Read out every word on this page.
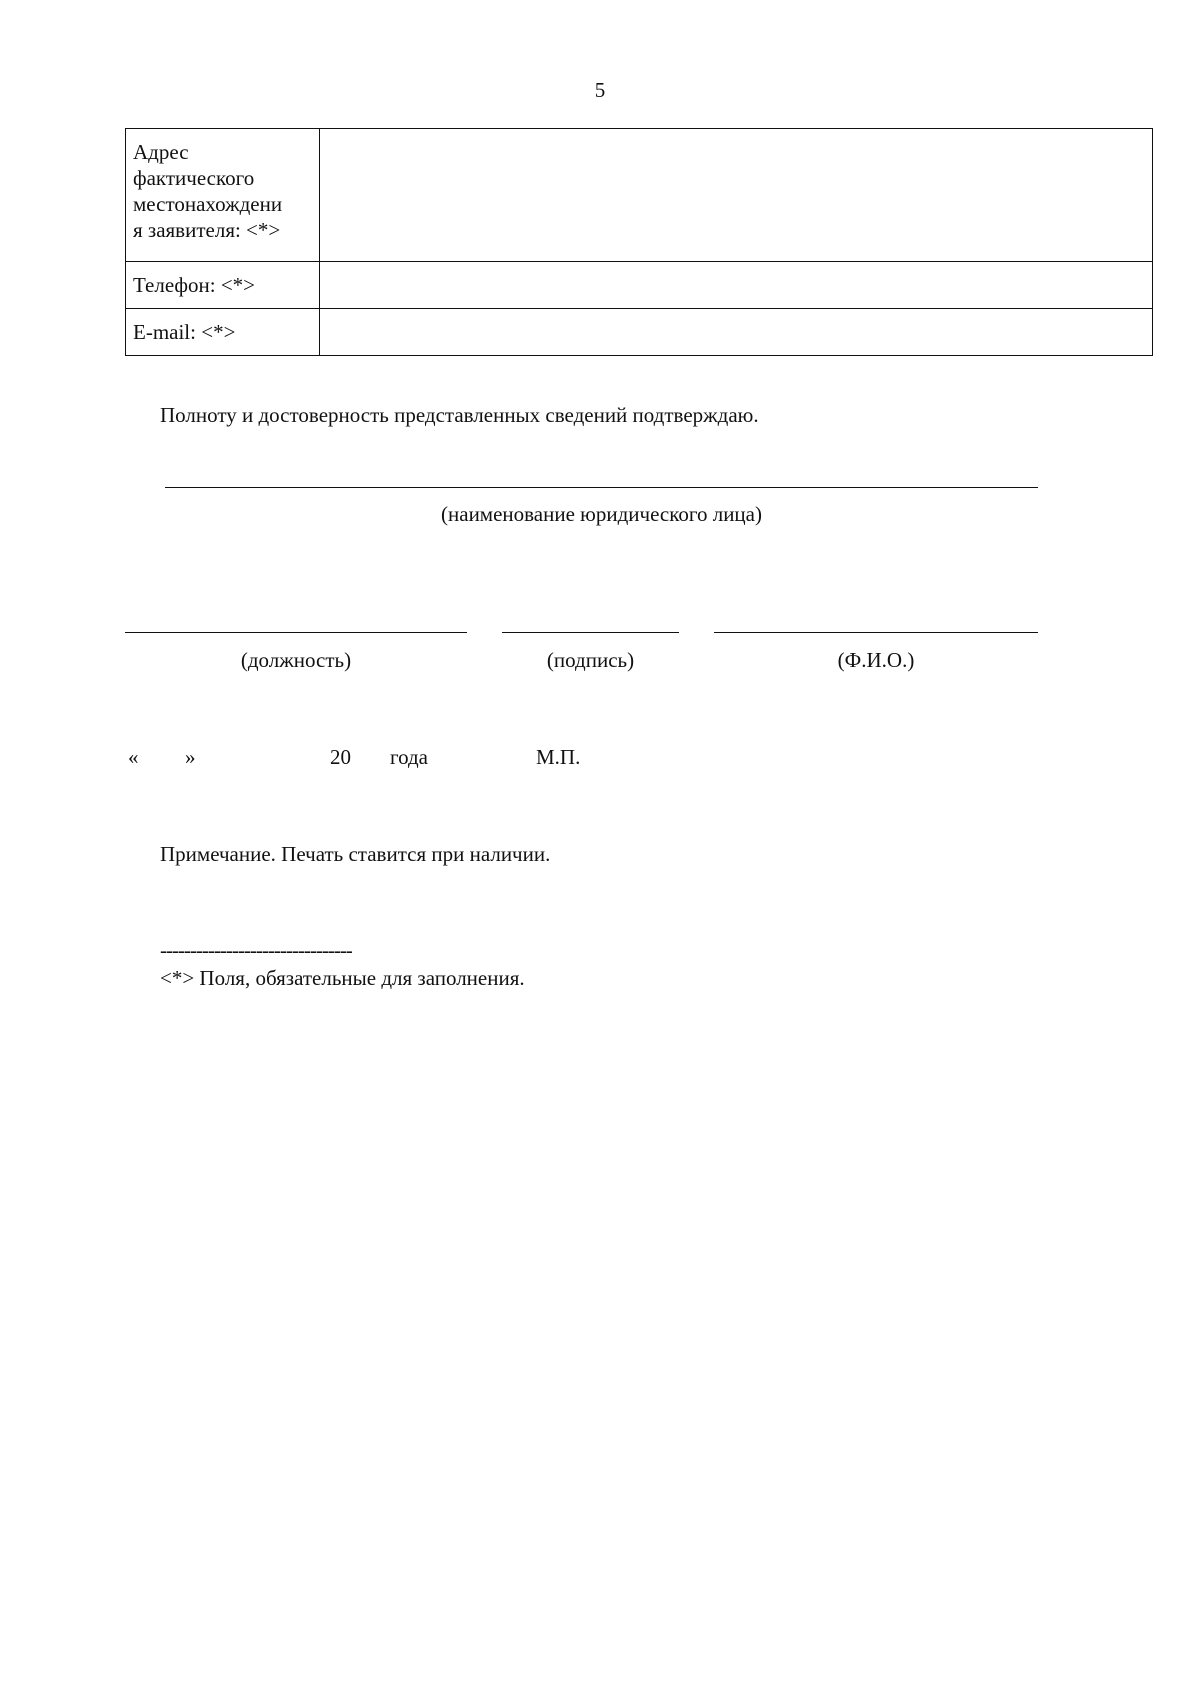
5
Адрес
фактического
местонахождени
я заявителя: <*>	

Телефон: <*>	
E-mail: <*>	
Полноту и достоверность представленных сведений подтверждаю.
(наименование юридического лица)
(должность)	(подпись)	(Ф.И.О.)
« »	20 года	М.П.
Примечание. Печать ставится при наличии.
--------------------------------
<*> Поля, обязательные для заполнения.
